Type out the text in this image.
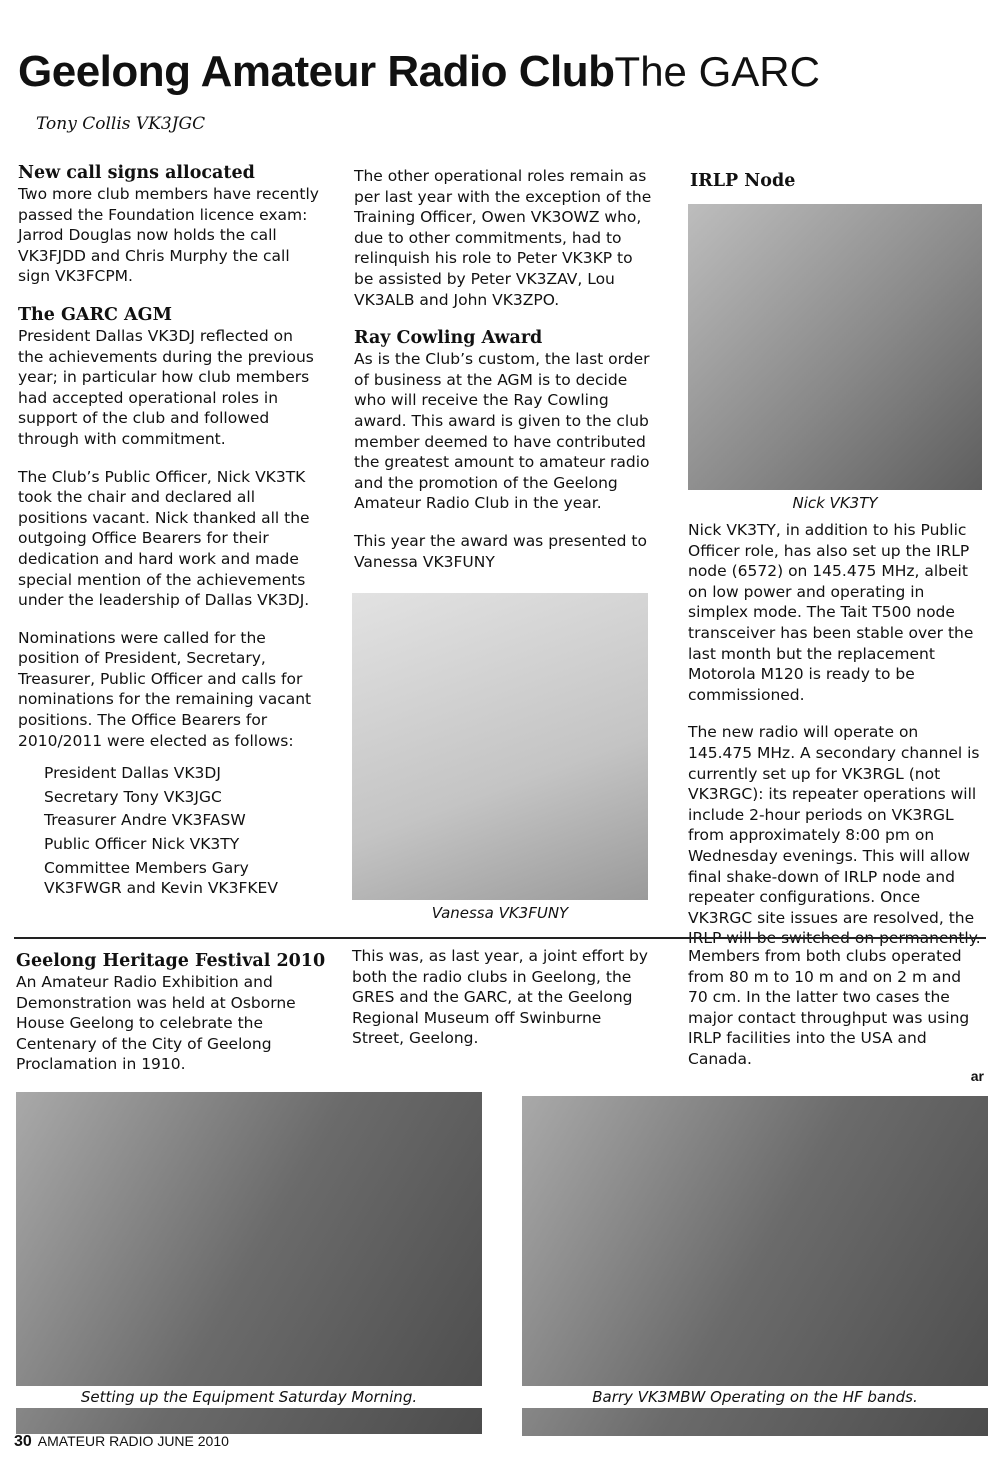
Geelong Amateur Radio ClubThe GARC
Tony Collis VK3JGC
New call signs allocated

Two more club members have recently passed the Foundation licence exam: Jarrod Douglas now holds the call VK3FJDD and Chris Murphy the call sign VK3FCPM.

The GARC AGM

President Dallas VK3DJ reflected on the achievements during the previous year; in particular how club members had accepted operational roles in support of the club and followed through with commitment.

The Club’s Public Officer, Nick VK3TK took the chair and declared all positions vacant. Nick thanked all the outgoing Office Bearers for their dedication and hard work and made special mention of the achievements under the leadership of Dallas VK3DJ.

Nominations were called for the position of President, Secretary, Treasurer, Public Officer and calls for nominations for the remaining vacant positions. The Office Bearers for 2010/2011 were elected as follows:

President Dallas VK3DJ
Secretary Tony VK3JGC
Treasurer Andre VK3FASW
Public Officer Nick VK3TY
Committee Members Gary VK3FWGR and Kevin VK3FKEV

The other operational roles remain as per last year with the exception of the Training Officer, Owen VK3OWZ who, due to other commitments, had to relinquish his role to Peter VK3KP to be assisted by Peter VK3ZAV, Lou VK3ALB and John VK3ZPO.

Ray Cowling Award

As is the Club’s custom, the last order of business at the AGM is to decide who will receive the Ray Cowling award. This award is given to the club member deemed to have contributed the greatest amount to amateur radio and the promotion of the Geelong Amateur Radio Club in the year.

This year the award was presented to Vanessa VK3FUNY

Vanessa VK3FUNY
IRLP Node
Nick VK3TY

Nick VK3TY, in addition to his Public Officer role, has also set up the IRLP node (6572) on 145.475 MHz, albeit on low power and operating in simplex mode. The Tait T500 node transceiver has been stable over the last month but the replacement Motorola M120 is ready to be commissioned.

The new radio will operate on 145.475 MHz. A secondary channel is currently set up for VK3RGL (not VK3RGC): its repeater operations will include 2-hour periods on VK3RGL from approximately 8:00 pm on Wednesday evenings. This will allow final shake-down of IRLP node and repeater configurations. Once VK3RGC site issues are resolved, the

Geelong Heritage Festival 2010

An Amateur Radio Exhibition and Demonstration was held at Osborne House Geelong to celebrate the Centenary of the City of Geelong Proclamation in 1910.

This was, as last year, a joint effort by both the radio clubs in Geelong, the GRES and the GARC, at the Geelong Regional Museum off Swinburne Street, Geelong.

Members from both clubs operated from 80 m to 10 m and on 2 m and 70 cm. In the latter two cases the major contact throughput was using IRLP facilities into the USA and Canada.

ar
Setting up the Equipment Saturday Morning.	Barry VK3MBW Operating on the HF bands.
30 AMATEUR RADIO JUNE 2010
